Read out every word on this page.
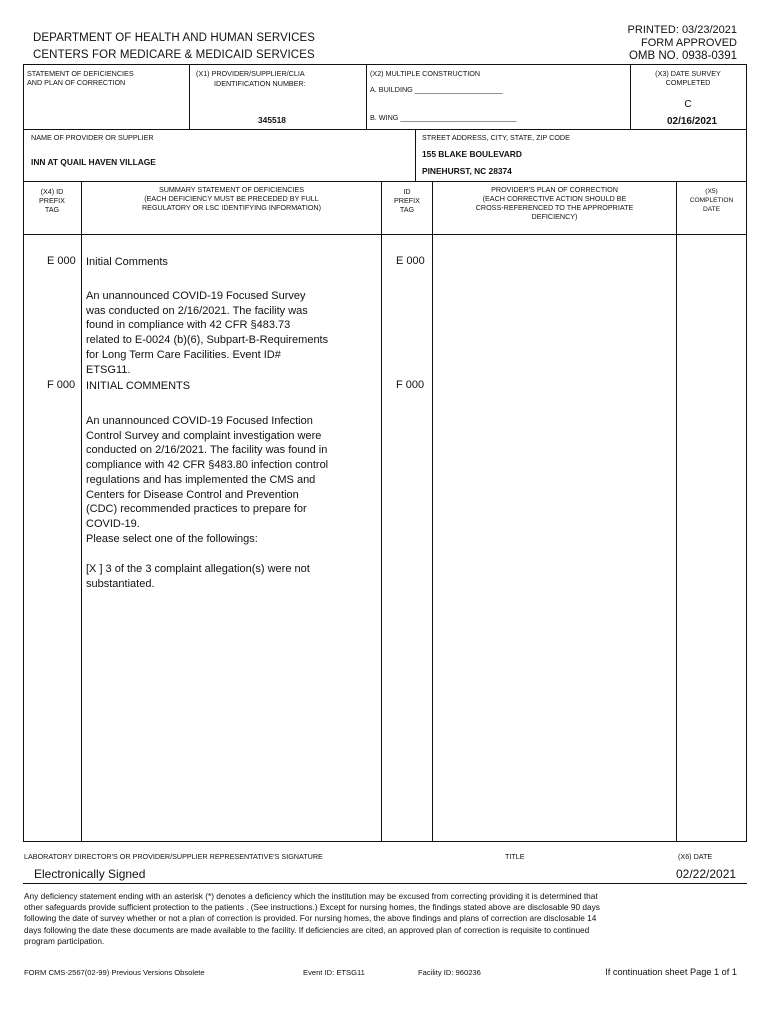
DEPARTMENT OF HEALTH AND HUMAN SERVICES
CENTERS FOR MEDICARE & MEDICAID SERVICES
PRINTED: 03/23/2021
FORM APPROVED
OMB NO. 0938-0391
STATEMENT OF DEFICIENCIES
AND PLAN OF CORRECTION
(X1) PROVIDER/SUPPLIER/CLIA
IDENTIFICATION NUMBER:
345518
(X2) MULTIPLE CONSTRUCTION
A. BUILDING ______________________
B. WING _____________________________
(X3) DATE SURVEY
COMPLETED
C
02/16/2021
NAME OF PROVIDER OR SUPPLIER
INN AT QUAIL HAVEN VILLAGE
STREET ADDRESS, CITY, STATE, ZIP CODE
155 BLAKE BOULEVARD
PINEHURST, NC 28374
(X4) ID
PREFIX
TAG
SUMMARY STATEMENT OF DEFICIENCIES
(EACH DEFICIENCY MUST BE PRECEDED BY FULL
REGULATORY OR LSC IDENTIFYING INFORMATION)
ID
PREFIX
TAG
PROVIDER'S PLAN OF CORRECTION
(EACH CORRECTIVE ACTION SHOULD BE
CROSS-REFERENCED TO THE APPROPRIATE
DEFICIENCY)
(X5)
COMPLETION
DATE
E 000 Initial Comments	E 000
An unannounced COVID-19 Focused Survey
was conducted on 2/16/2021. The facility was
found in compliance with 42 CFR §483.73
related to E-0024 (b)(6), Subpart-B-Requirements
for Long Term Care Facilities. Event ID#
ETSG11.
F 000 INITIAL COMMENTS	F 000
An unannounced COVID-19 Focused Infection
Control Survey and complaint investigation were
conducted on 2/16/2021. The facility was found in
compliance with 42 CFR §483.80 infection control
regulations and has implemented the CMS and
Centers for Disease Control and Prevention
(CDC) recommended practices to prepare for
COVID-19.
Please select one of the followings:
[X ] 3 of the 3 complaint allegation(s) were not
substantiated.
LABORATORY DIRECTOR'S OR PROVIDER/SUPPLIER REPRESENTATIVE'S SIGNATURE	TITLE	(X6) DATE
Electronically Signed	02/22/2021
Any deficiency statement ending with an asterisk (*) denotes a deficiency which the institution may be excused from correcting providing it is determined that
other safeguards provide sufficient protection to the patients . (See instructions.) Except for nursing homes, the findings stated above are disclosable 90 days
following the date of survey whether or not a plan of correction is provided. For nursing homes, the above findings and plans of correction are disclosable 14
days following the date these documents are made available to the facility. If deficiencies are cited, an approved plan of correction is requisite to continued
program participation.
FORM CMS-2567(02-99) Previous Versions Obsolete	Event ID: ETSG11	Facility ID: 960236	If continuation sheet Page 1 of 1
